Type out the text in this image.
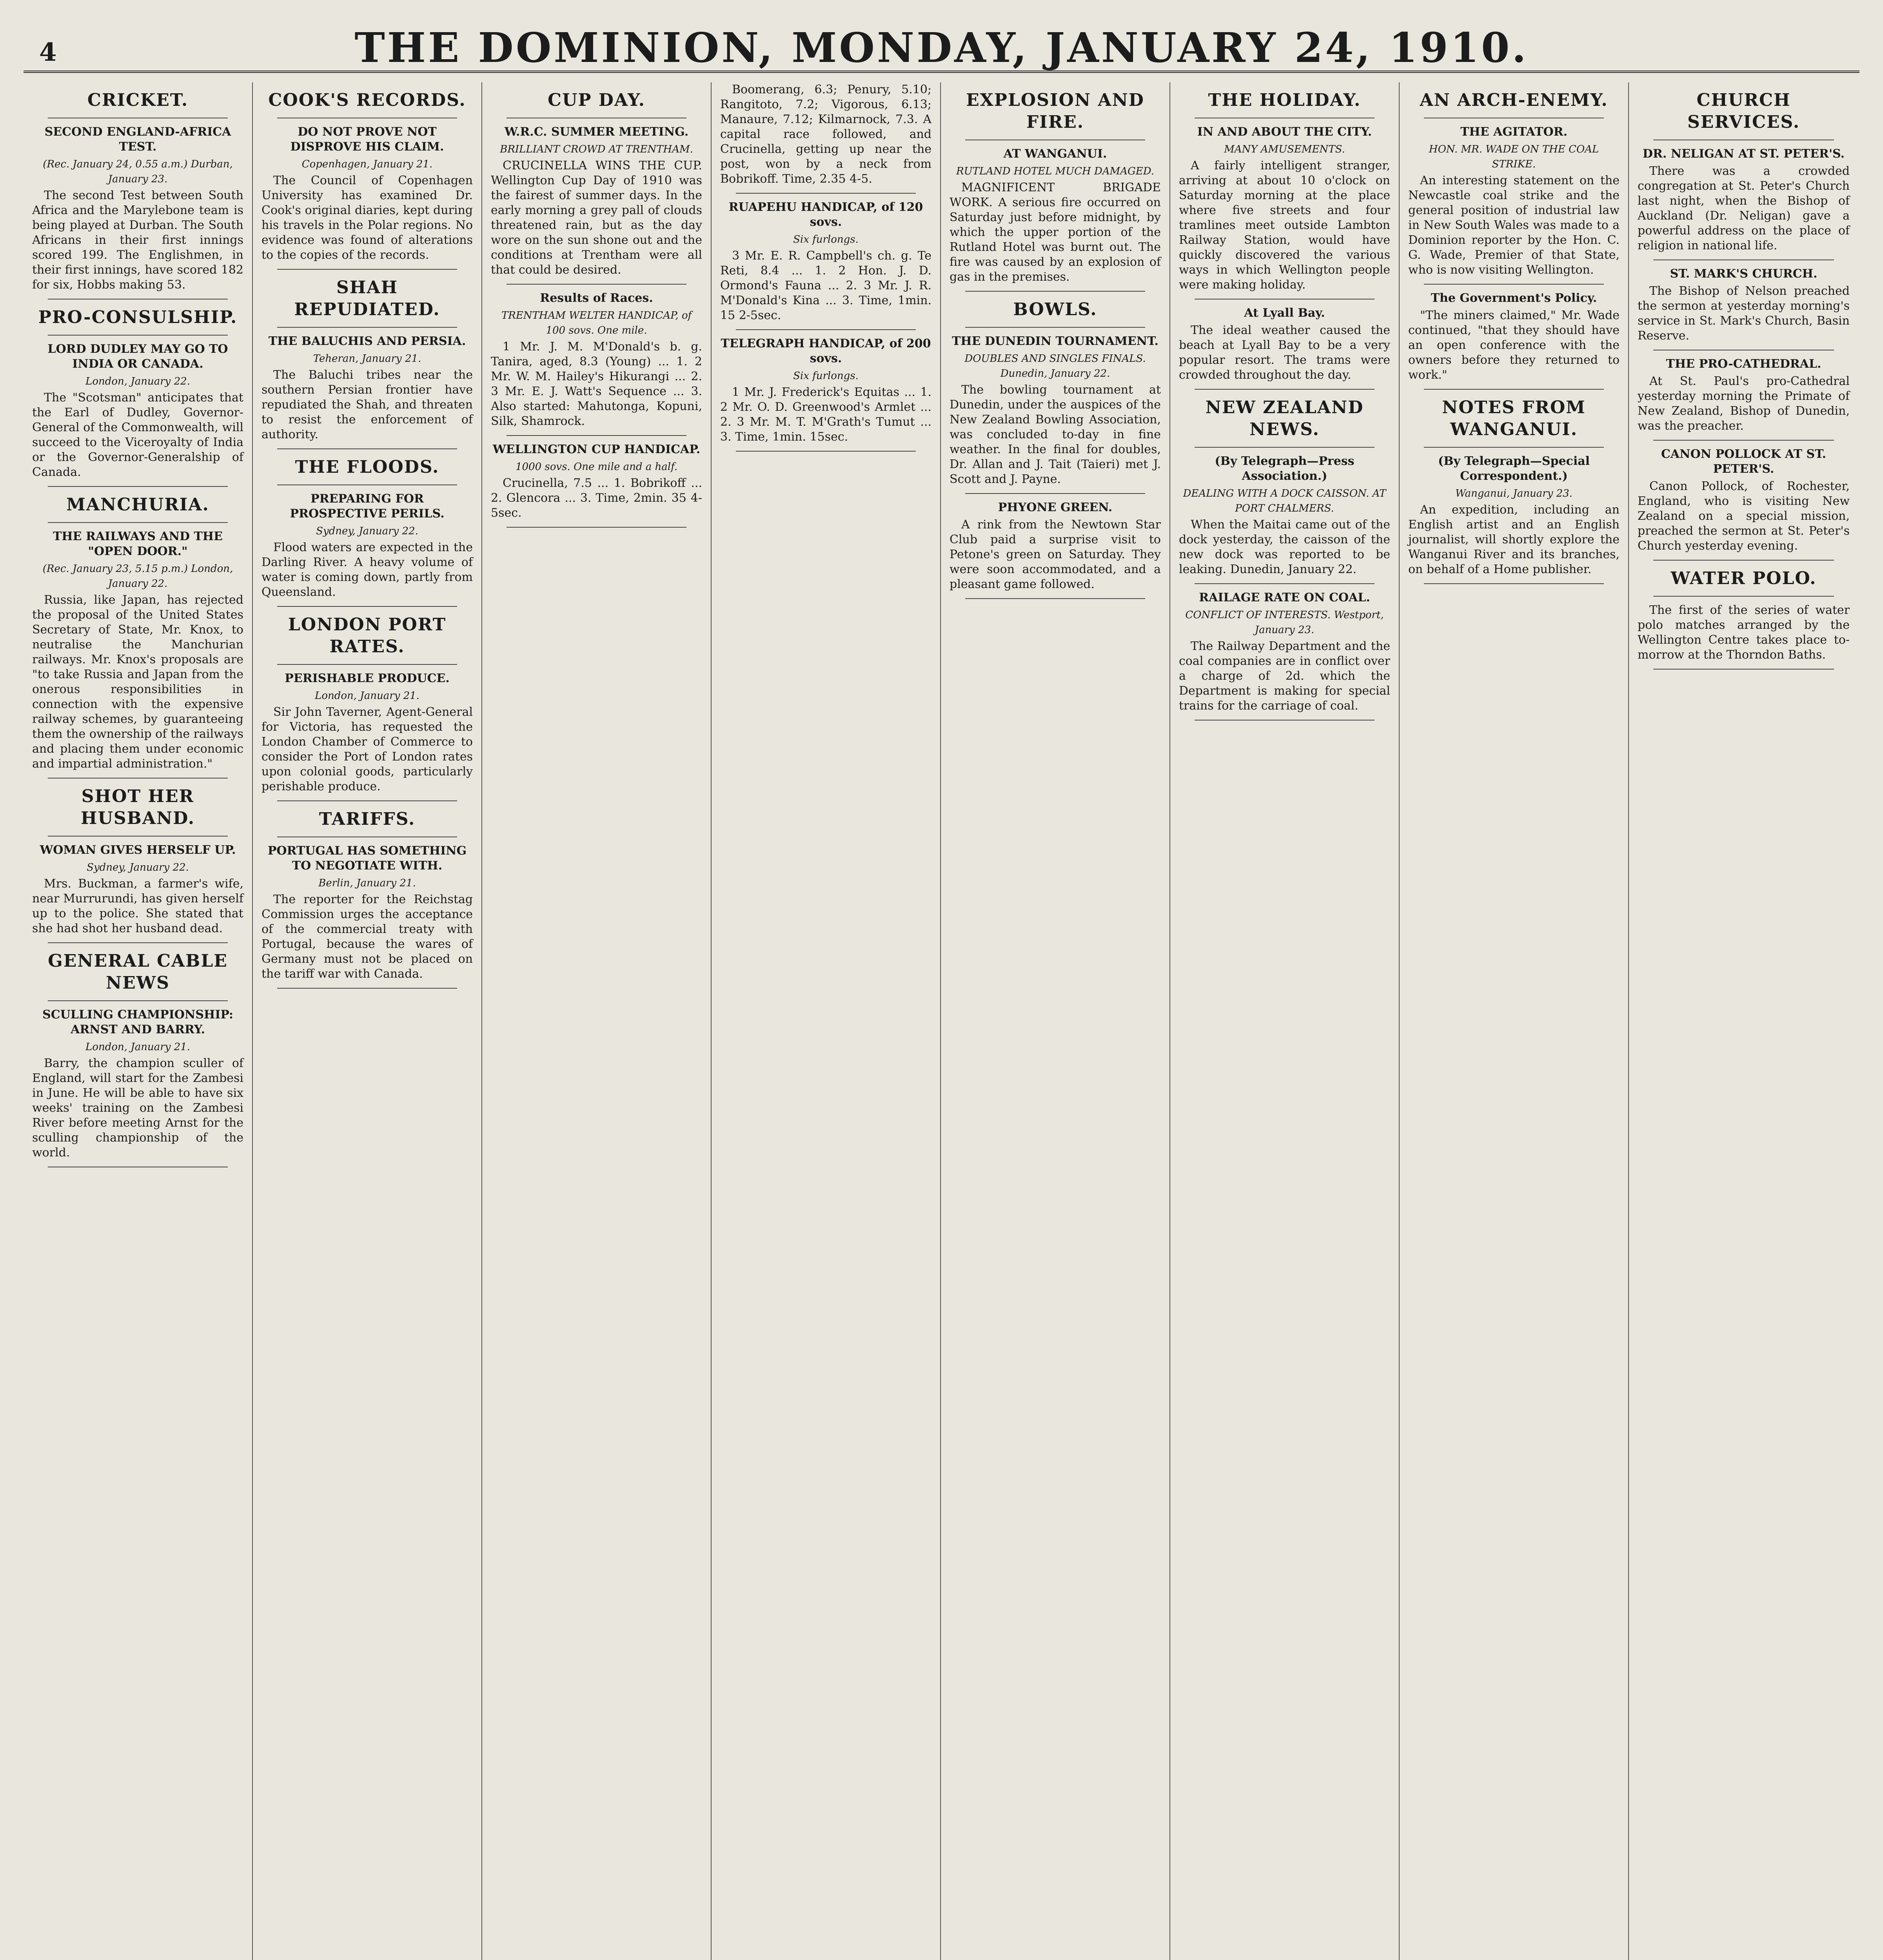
4	THE DOMINION, MONDAY, JANUARY 24, 1910.
CRICKET.
SECOND ENGLAND-AFRICA TEST.
(Rec. January 24, 0.55 a.m.) Durban, January 23.

The second Test between South Africa and the Marylebone team is being played at Durban. The South Africans in their first innings scored 199. The Englishmen, in their first innings, have scored 182 for six, Hobbs making 53.

PRO-CONSULSHIP.
LORD DUDLEY MAY GO TO INDIA OR CANADA.
London, January 22.

The "Scotsman" anticipates that the Earl of Dudley, Governor-General of the Commonwealth, will succeed to the Viceroyalty of India or the Governor-Generalship of Canada.

MANCHURIA.
THE RAILWAYS AND THE "OPEN DOOR."
(Rec. January 23, 5.15 p.m.) London, January 22.

Russia, like Japan, has rejected the proposal of the United States Secretary of State, Mr. Knox, to neutralise the Manchurian railways. Mr. Knox's proposals are "to take Russia and Japan from the onerous responsibilities in connection with the expensive railway schemes, by guaranteeing them the ownership of the railways and placing them under economic and impartial administration."

SHOT HER HUSBAND.
WOMAN GIVES HERSELF UP.
Sydney, January 22.

Mrs. Buckman, a farmer's wife, near Murrurundi, has given herself up to the police. She stated that she had shot her husband dead.

GENERAL CABLE NEWS
SCULLING CHAMPIONSHIP: ARNST AND BARRY.
London, January 21.

Barry, the champion sculler of England, will start for the Zambesi in June. He will be able to have six weeks' training on the Zambesi River before meeting Arnst for the sculling championship of the world.

COOK'S RECORDS.
DO NOT PROVE NOT DISPROVE HIS CLAIM.
Copenhagen, January 21.

The Council of Copenhagen University has examined Dr. Cook's original diaries, kept during his travels in the Polar regions. No evidence was found of alterations to the copies of the records.

SHAH REPUDIATED.
THE BALUCHIS AND PERSIA.
Teheran, January 21.

The Baluchi tribes near the southern Persian frontier have repudiated the Shah, and threaten to resist the enforcement of authority.

THE FLOODS.
PREPARING FOR PROSPECTIVE PERILS.
Sydney, January 22.

Flood waters are expected in the Darling River. A heavy volume of water is coming down, partly from Queensland.

LONDON PORT RATES.
PERISHABLE PRODUCE.
London, January 21.

Sir John Taverner, Agent-General for Victoria, has requested the London Chamber of Commerce to consider the Port of London rates upon colonial goods, particularly perishable produce.

TARIFFS.
PORTUGAL HAS SOMETHING TO NEGOTIATE WITH.
Berlin, January 21.

The reporter for the Reichstag Commission urges the acceptance of the commercial treaty with Portugal, because the wares of Germany must not be placed on the tariff war with Canada.

CUP DAY.
W.R.C. SUMMER MEETING.
BRILLIANT CROWD AT TRENTHAM.

CRUCINELLA WINS THE CUP. Wellington Cup Day of 1910 was the fairest of summer days. In the early morning a grey pall of clouds threatened rain, but as the day wore on the sun shone out and the conditions at Trentham were all that could be desired.

Results of Races.
TRENTHAM WELTER HANDICAP, of 100 sovs. One mile.

1 Mr. J. M. M'Donald's b. g. Tanira, aged, 8.3 (Young) ... 1. 2 Mr. W. M. Hailey's Hikurangi ... 2. 3 Mr. E. J. Watt's Sequence ... 3. Also started: Mahutonga, Kopuni, Silk, Shamrock.

WELLINGTON CUP HANDICAP.
1000 sovs. One mile and a half.

Crucinella, 7.5 ... 1. Bobrikoff ... 2. Glencora ... 3. Time, 2min. 35 4-5sec.

Boomerang, 6.3; Penury, 5.10; Rangitoto, 7.2; Vigorous, 6.13; Manaure, 7.12; Kilmarnock, 7.3. A capital race followed, and Crucinella, getting up near the post, won by a neck from Bobrikoff. Time, 2.35 4-5.

RUAPEHU HANDICAP, of 120 sovs.
Six furlongs.

3 Mr. E. R. Campbell's ch. g. Te Reti, 8.4 ... 1. 2 Hon. J. D. Ormond's Fauna ... 2. 3 Mr. J. R. M'Donald's Kina ... 3. Time, 1min. 15 2-5sec.

TELEGRAPH HANDICAP, of 200 sovs.
Six furlongs.

1 Mr. J. Frederick's Equitas ... 1. 2 Mr. O. D. Greenwood's Armlet ... 2. 3 Mr. M. T. M'Grath's Tumut ... 3. Time, 1min. 15sec.

EXPLOSION AND FIRE.
AT WANGANUI.
RUTLAND HOTEL MUCH DAMAGED.

MAGNIFICENT BRIGADE WORK. A serious fire occurred on Saturday just before midnight, by which the upper portion of the Rutland Hotel was burnt out. The fire was caused by an explosion of gas in the premises.

BOWLS.
THE DUNEDIN TOURNAMENT.
DOUBLES AND SINGLES FINALS. Dunedin, January 22.

The bowling tournament at Dunedin, under the auspices of the New Zealand Bowling Association, was concluded to-day in fine weather. In the final for doubles, Dr. Allan and J. Tait (Taieri) met J. Scott and J. Payne.

PHYONE GREEN.

A rink from the Newtown Star Club paid a surprise visit to Petone's green on Saturday. They were soon accommodated, and a pleasant game followed.

THE HOLIDAY.
IN AND ABOUT THE CITY.
MANY AMUSEMENTS.

A fairly intelligent stranger, arriving at about 10 o'clock on Saturday morning at the place where five streets and four tramlines meet outside Lambton Railway Station, would have quickly discovered the various ways in which Wellington people were making holiday.

At Lyall Bay.

The ideal weather caused the beach at Lyall Bay to be a very popular resort. The trams were crowded throughout the day.

NEW ZEALAND NEWS.
(By Telegraph—Press Association.)
DEALING WITH A DOCK CAISSON. AT PORT CHALMERS.

When the Maitai came out of the dock yesterday, the caisson of the new dock was reported to be leaking. Dunedin, January 22.

RAILAGE RATE ON COAL.
CONFLICT OF INTERESTS. Westport, January 23.

The Railway Department and the coal companies are in conflict over a charge of 2d. which the Department is making for special trains for the carriage of coal.

AN ARCH-ENEMY.
THE AGITATOR.
HON. MR. WADE ON THE COAL STRIKE.

An interesting statement on the Newcastle coal strike and the general position of industrial law in New South Wales was made to a Dominion reporter by the Hon. C. G. Wade, Premier of that State, who is now visiting Wellington.

The Government's Policy.

"The miners claimed," Mr. Wade continued, "that they should have an open conference with the owners before they returned to work."

NOTES FROM WANGANUI.
(By Telegraph—Special Correspondent.)
Wanganui, January 23.

An expedition, including an English artist and an English journalist, will shortly explore the Wanganui River and its branches, on behalf of a Home publisher.

CHURCH SERVICES.
DR. NELIGAN AT ST. PETER'S.

There was a crowded congregation at St. Peter's Church last night, when the Bishop of Auckland (Dr. Neligan) gave a powerful address on the place of religion in national life.

ST. MARK'S CHURCH.

The Bishop of Nelson preached the sermon at yesterday morning's service in St. Mark's Church, Basin Reserve.

THE PRO-CATHEDRAL.

At St. Paul's pro-Cathedral yesterday morning the Primate of New Zealand, Bishop of Dunedin, was the preacher.

CANON POLLOCK AT ST. PETER'S.

Canon Pollock, of Rochester, England, who is visiting New Zealand on a special mission, preached the sermon at St. Peter's Church yesterday evening.

WATER POLO.

The first of the series of water polo matches arranged by the Wellington Centre takes place to-morrow at the Thorndon Baths.
